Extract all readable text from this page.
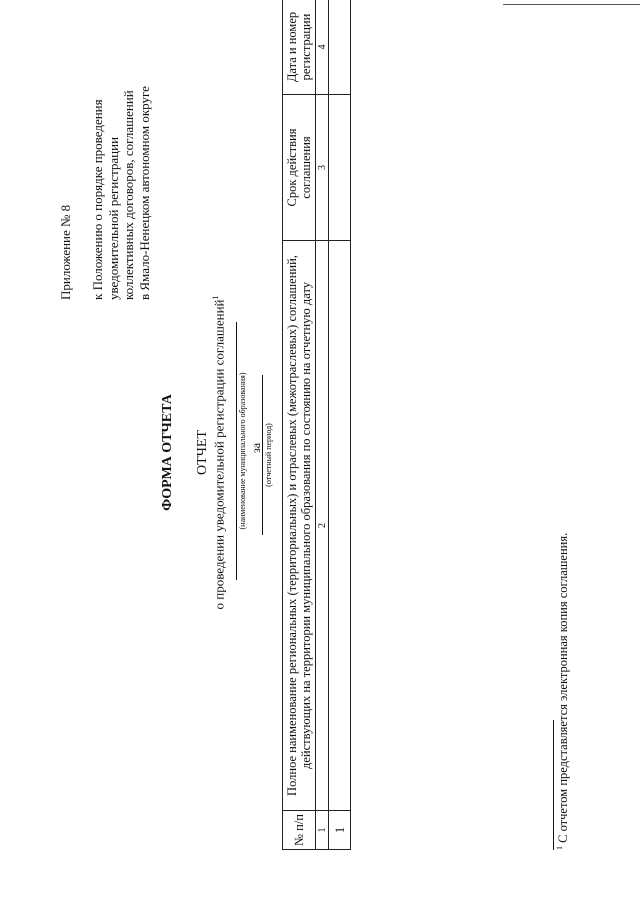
Приложение № 8 к Положению о порядке проведения уведомительной регистрации коллективных договоров, соглашений в Ямало-Ненецком автономном округе
ФОРМА ОТЧЕТА ОТЧЕТ о проведении уведомительной регистрации соглашений$^1$
(наименование муниципального образования) за (отчетный период)
№ п/п	Полное наименование региональных (территориальных) и отраслевых (межотраслевых) соглашений, действующих на территории муниципального образования по состоянию на отчетную дату	Срок действия соглашения	Дата и номер регистрации
1	2	3	4
1			
$^1$ С отчетом представляется электронная копия соглашения.
